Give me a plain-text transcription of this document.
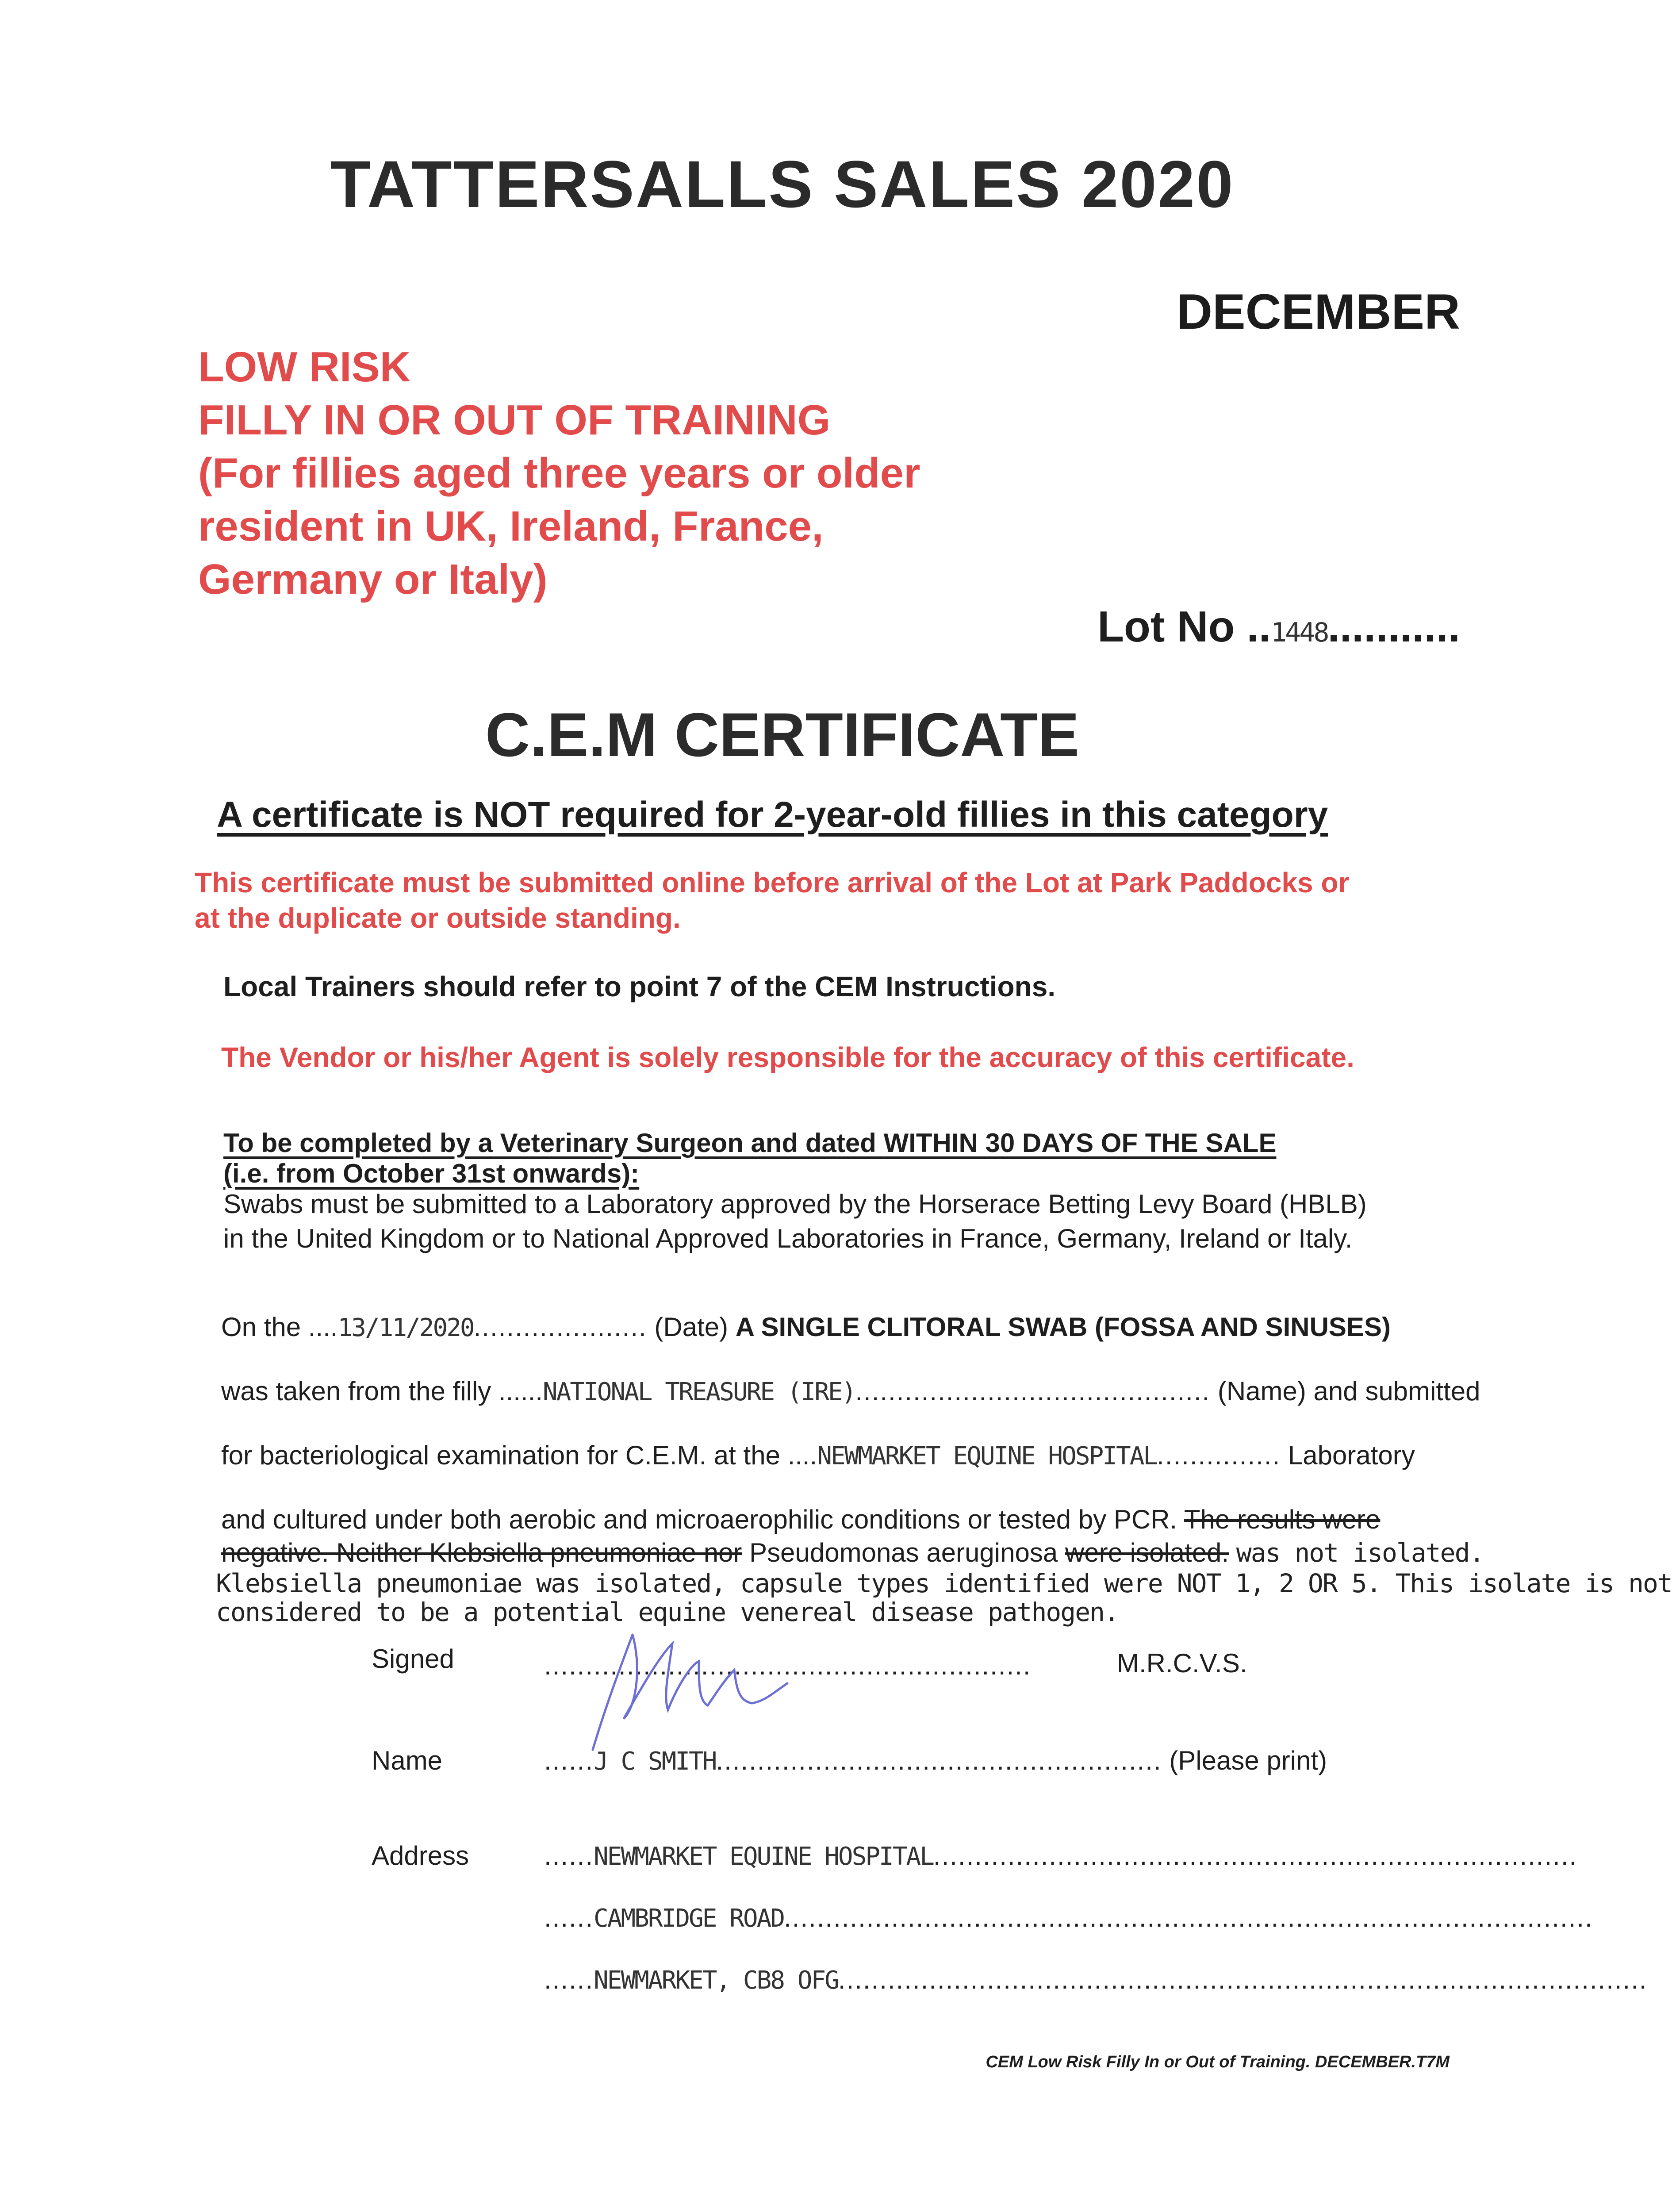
TATTERSALLS SALES 2020
DECEMBER
LOW RISK
FILLY IN OR OUT OF TRAINING
(For fillies aged three years or older
resident in UK, Ireland, France,
Germany or Italy)
Lot No ..1448...........
C.E.M CERTIFICATE
A certificate is NOT required for 2-year-old fillies in this category
This certificate must be submitted online before arrival of the Lot at Park Paddocks or
at the duplicate or outside standing.
Local Trainers should refer to point 7 of the CEM Instructions.
The Vendor or his/her Agent is solely responsible for the accuracy of this certificate.
To be completed by a Veterinary Surgeon and dated WITHIN 30 DAYS OF THE SALE
(i.e. from October 31st onwards):
Swabs must be submitted to a Laboratory approved by the Horserace Betting Levy Board (HBLB)
in the United Kingdom or to National Approved Laboratories in France, Germany, Ireland or Italy.
On the ....13/11/2020..................... (Date) A SINGLE CLITORAL SWAB (FOSSA AND SINUSES)
was taken from the filly ......NATIONAL TREASURE (IRE)........................................... (Name) and submitted
for bacteriological examination for C.E.M. at the ....NEWMARKET EQUINE HOSPITAL............... Laboratory
and cultured under both aerobic and microaerophilic conditions or tested by PCR. The results were
negative. Neither Klebsiella pneumoniae nor Pseudomonas aeruginosa were isolated. was not isolated.
Klebsiella pneumoniae was isolated, capsule types identified were NOT 1, 2 OR 5. This isolate is not
considered to be a potential equine venereal disease pathogen.
Signed	...........................................................	M.R.C.V.S.
Name	......J C SMITH...................................................... (Please print)
Address	......NEWMARKET EQUINE HOSPITAL..............................................................................
......CAMBRIDGE ROAD..................................................................................................
......NEWMARKET, CB8 OFG..................................................................................................
CEM Low Risk Filly In or Out of Training. DECEMBER.T7M
